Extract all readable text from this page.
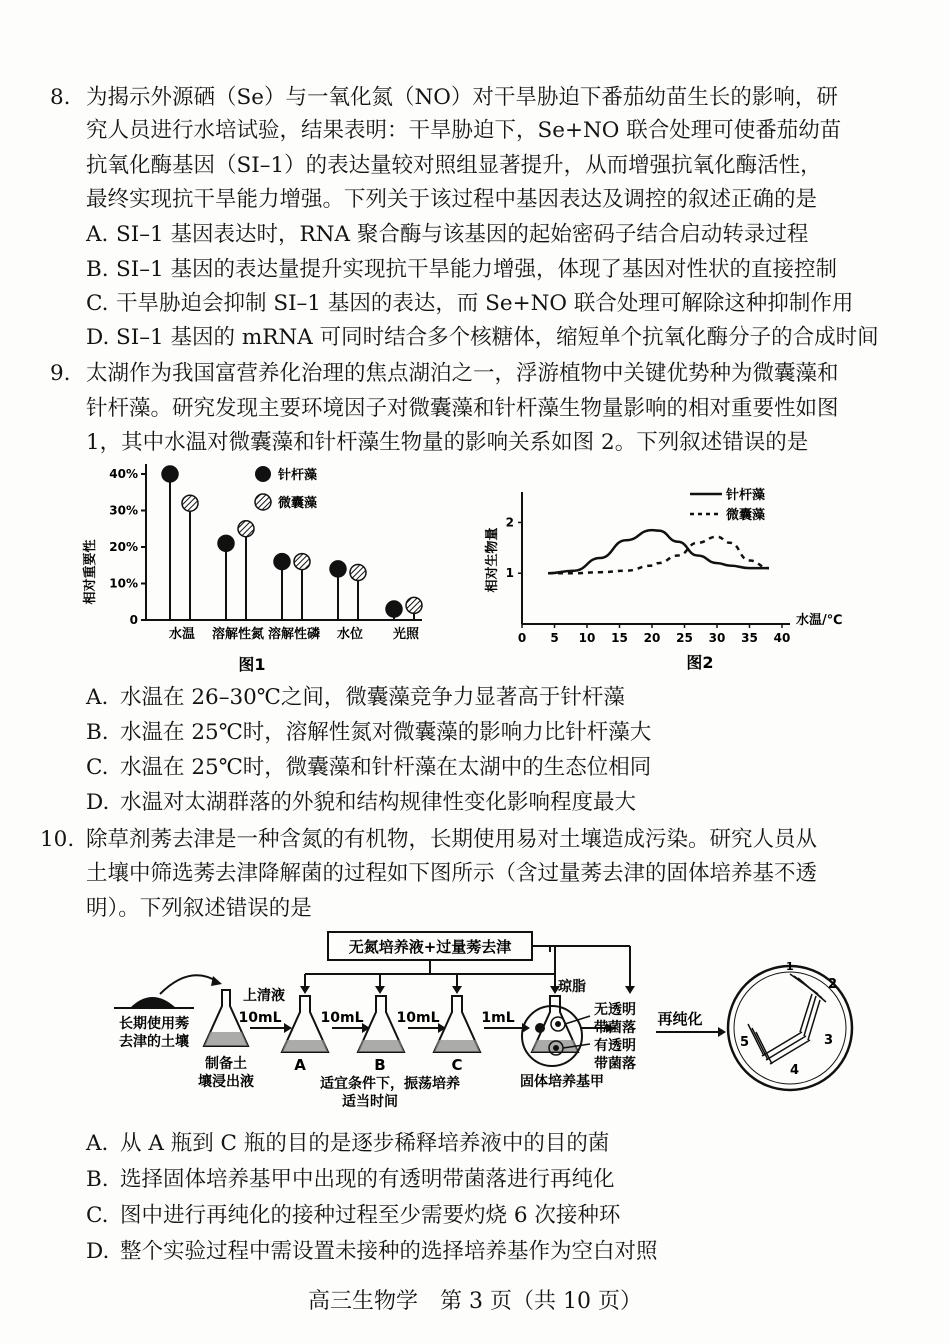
8. 为揭示外源硒（Se）与一氧化氮（NO）对干旱胁迫下番茄幼苗生长的影响，研
究人员进行水培试验，结果表明：干旱胁迫下，Se+NO 联合处理可使番茄幼苗
抗氧化酶基因（SI–1）的表达量较对照组显著提升，从而增强抗氧化酶活性，
最终实现抗干旱能力增强。下列关于该过程中基因表达及调控的叙述正确的是
A. SI–1 基因表达时，RNA 聚合酶与该基因的起始密码子结合启动转录过程
B. SI–1 基因的表达量提升实现抗干旱能力增强，体现了基因对性状的直接控制
C. 干旱胁迫会抑制 SI–1 基因的表达，而 Se+NO 联合处理可解除这种抑制作用
D. SI–1 基因的 mRNA 可同时结合多个核糖体，缩短单个抗氧化酶分子的合成时间
9. 太湖作为我国富营养化治理的焦点湖泊之一，浮游植物中关键优势种为微囊藻和
针杆藻。研究发现主要环境因子对微囊藻和针杆藻生物量影响的相对重要性如图
1，其中水温对微囊藻和针杆藻生物量的影响关系如图 2。下列叙述错误的是
相对重要性
0
10%
20%
30%
40%
水温 溶解性氮 溶解性磷 水位 光照
图1
针杆藻
微囊藻
相对生物量
0 5 10 15 20 25 30 35 40
1
2
水温/℃
图2
针杆藻
微囊藻
A. 水温在 26–30℃之间，微囊藻竞争力显著高于针杆藻
B. 水温在 25℃时，溶解性氮对微囊藻的影响力比针杆藻大
C. 水温在 25℃时，微囊藻和针杆藻在太湖中的生态位相同
D. 水温对太湖群落的外貌和结构规律性变化影响程度最大
10. 除草剂莠去津是一种含氮的有机物，长期使用易对土壤造成污染。研究人员从
土壤中筛选莠去津降解菌的过程如下图所示（含过量莠去津的固体培养基不透
明）。下列叙述错误的是
无氮培养液+过量莠去津
长期使用莠
去津的土壤
制备土
壤浸出液
上清液
10mL	10mL
A
10mL
B
1mL
C
适宜条件下，振荡培养
适当时间
琼脂
无透明
带菌落
有透明
带菌落
固体培养基甲
再纯化
2
3
4
5
1
A. 从 A 瓶到 C 瓶的目的是逐步稀释培养液中的目的菌
B. 选择固体培养基甲中出现的有透明带菌落进行再纯化
C. 图中进行再纯化的接种过程至少需要灼烧 6 次接种环
D. 整个实验过程中需设置未接种的选择培养基作为空白对照
高三生物学　第 3 页（共 10 页）
